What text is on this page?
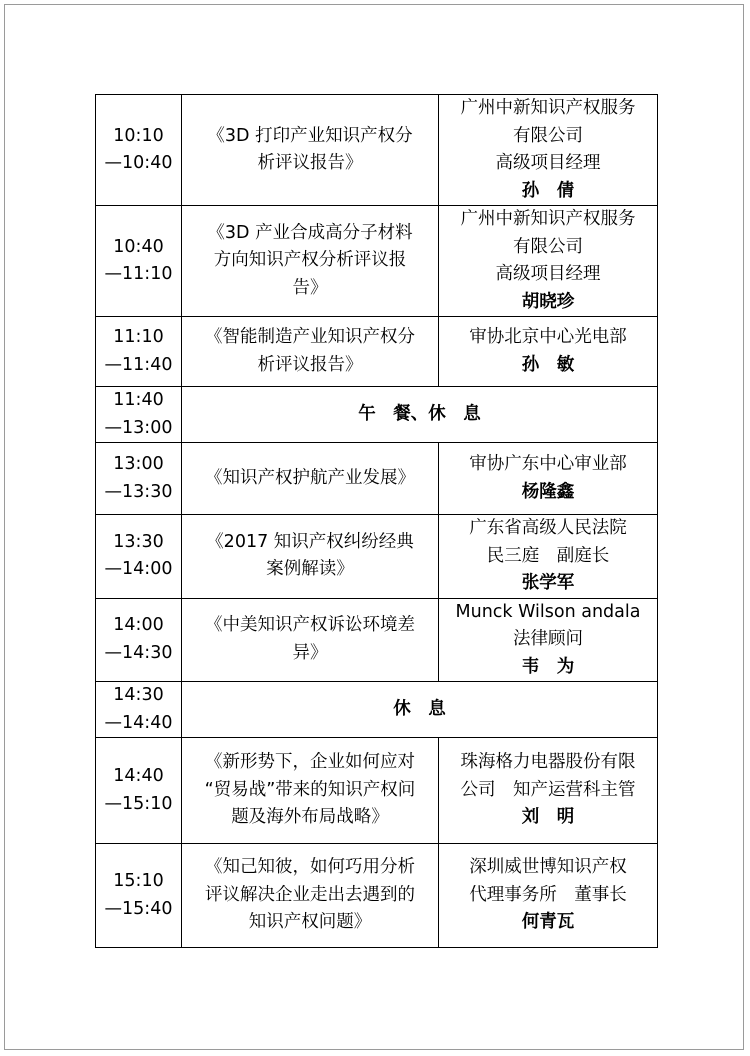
10:10
—10:40	《3D 打印产业知识产权分
析评议报告》	广州中新知识产权服务
有限公司
高级项目经理
孙　倩

10:40
—11:10	《3D 产业合成高分子材料
方向知识产权分析评议报
告》	广州中新知识产权服务
有限公司
高级项目经理
胡晓珍

11:10
—11:40	《智能制造产业知识产权分
析评议报告》	审协北京中心光电部
孙　敏

11:40
—13:00	午　餐、休　息	

13:00
—13:30	《知识产权护航产业发展》	审协广东中心审业部
杨隆鑫

13:30
—14:00	《2017 知识产权纠纷经典
案例解读》	广东省高级人民法院
民三庭　副庭长
张学军

14:00
—14:30	《中美知识产权诉讼环境差
异》	Munck Wilson andala
法律顾问
韦　为

14:30
—14:40	休　息	

14:40
—15:10	《新形势下，企业如何应对
“贸易战”带来的知识产权问
题及海外布局战略》	珠海格力电器股份有限
公司　知产运营科主管
刘　明

15:10
—15:40	《知己知彼，如何巧用分析
评议解决企业走出去遇到的
知识产权问题》	深圳威世博知识产权
代理事务所　董事长
何青瓦
